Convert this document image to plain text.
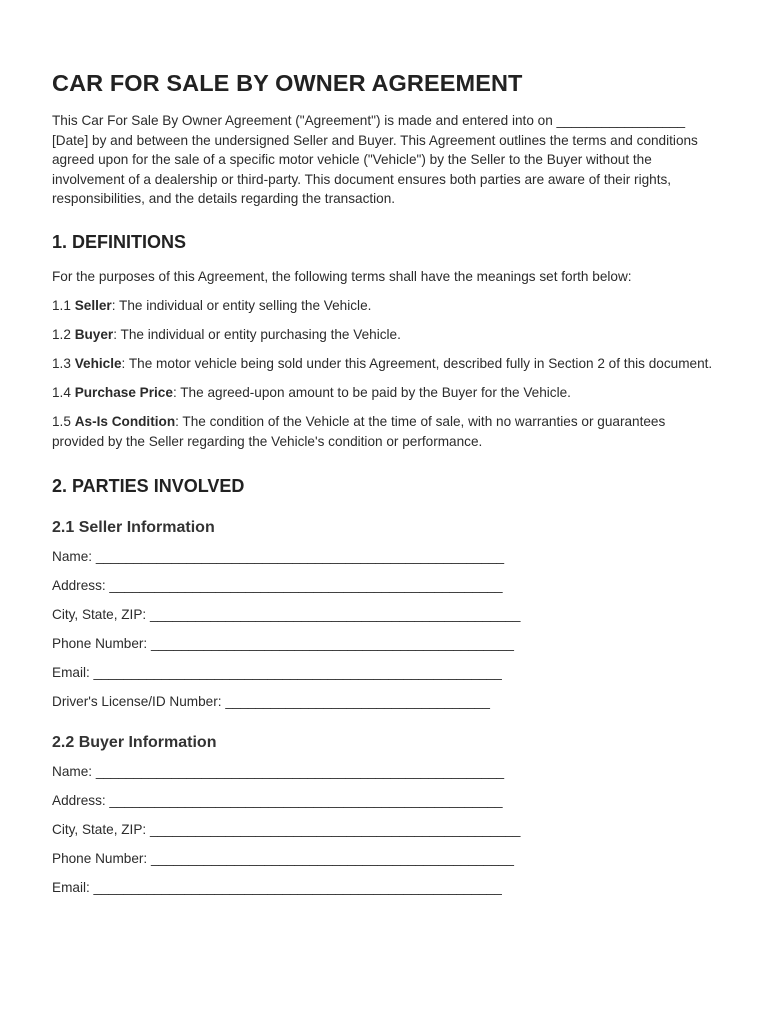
CAR FOR SALE BY OWNER AGREEMENT

This Car For Sale By Owner Agreement ("Agreement") is made and entered into on _________________ [Date] by and between the undersigned Seller and Buyer. This Agreement outlines the terms and conditions agreed upon for the sale of a specific motor vehicle ("Vehicle") by the Seller to the Buyer without the involvement of a dealership or third-party. This document ensures both parties are aware of their rights, responsibilities, and the details regarding the transaction.

1. DEFINITIONS

For the purposes of this Agreement, the following terms shall have the meanings set forth below:

1.1 Seller: The individual or entity selling the Vehicle.

1.2 Buyer: The individual or entity purchasing the Vehicle.

1.3 Vehicle: The motor vehicle being sold under this Agreement, described fully in Section 2 of this document.

1.4 Purchase Price: The agreed-upon amount to be paid by the Buyer for the Vehicle.

1.5 As-Is Condition: The condition of the Vehicle at the time of sale, with no warranties or guarantees provided by the Seller regarding the Vehicle's condition or performance.

2. PARTIES INVOLVED
2.1 Seller Information
Name: ______________________________________________________
Address: ____________________________________________________
City, State, ZIP: _________________________________________________
Phone Number: ________________________________________________
Email: ______________________________________________________
Driver's License/ID Number: ___________________________________
2.2 Buyer Information
Name: ______________________________________________________
Address: ____________________________________________________
City, State, ZIP: _________________________________________________
Phone Number: ________________________________________________
Email: ______________________________________________________
